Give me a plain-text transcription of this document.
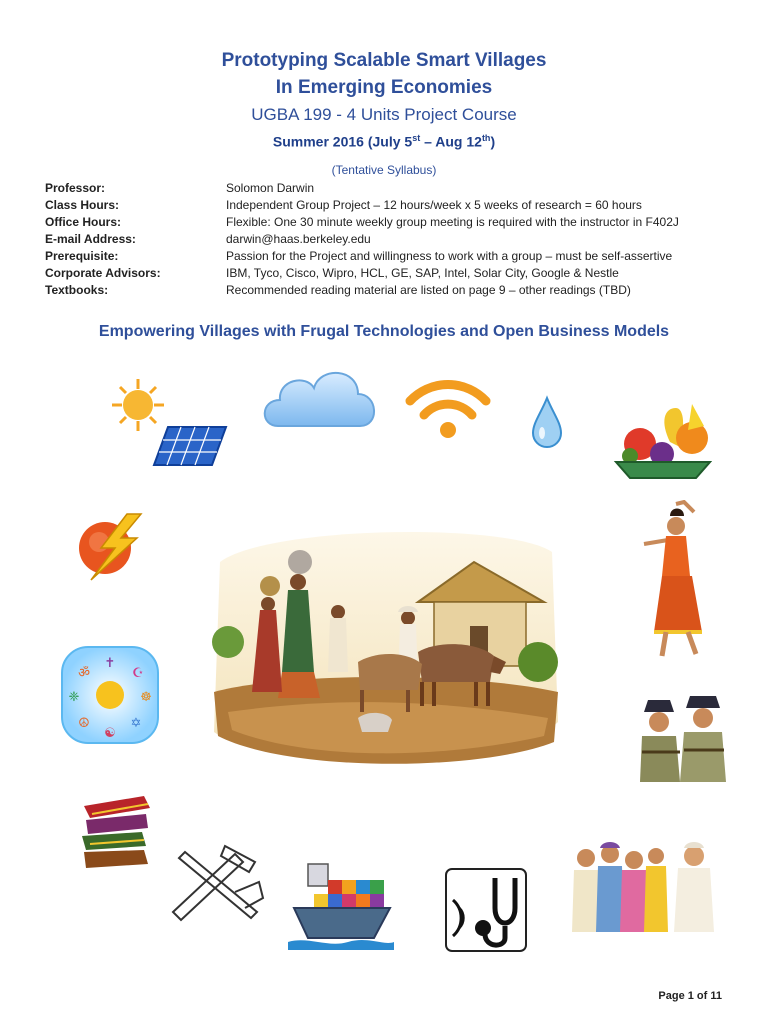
Prototyping Scalable Smart Villages
In Emerging Economies
UGBA 199 - 4 Units Project Course
Summer 2016 (July 5st – Aug 12th)
(Tentative Syllabus)
Professor:	Solomon Darwin
Class Hours:	Independent Group Project – 12 hours/week x 5 weeks of research = 60 hours
Office Hours:	Flexible: One 30 minute weekly group meeting is required with the instructor in F402J
E-mail Address:	darwin@haas.berkeley.edu
Prerequisite:	Passion for the Project and willingness to work with a group – must be self-assertive
Corporate Advisors:	IBM, Tyco, Cisco, Wipro, HCL, GE, SAP, Intel, Solar City, Google & Nestle
Textbooks:	Recommended reading material are listed on page 9 – other readings (TBD)
Empowering Villages with Frugal Technologies and Open Business Models
✝
☪
☸
✡
☯
☮
❈
ॐ
Page 1 of 11
